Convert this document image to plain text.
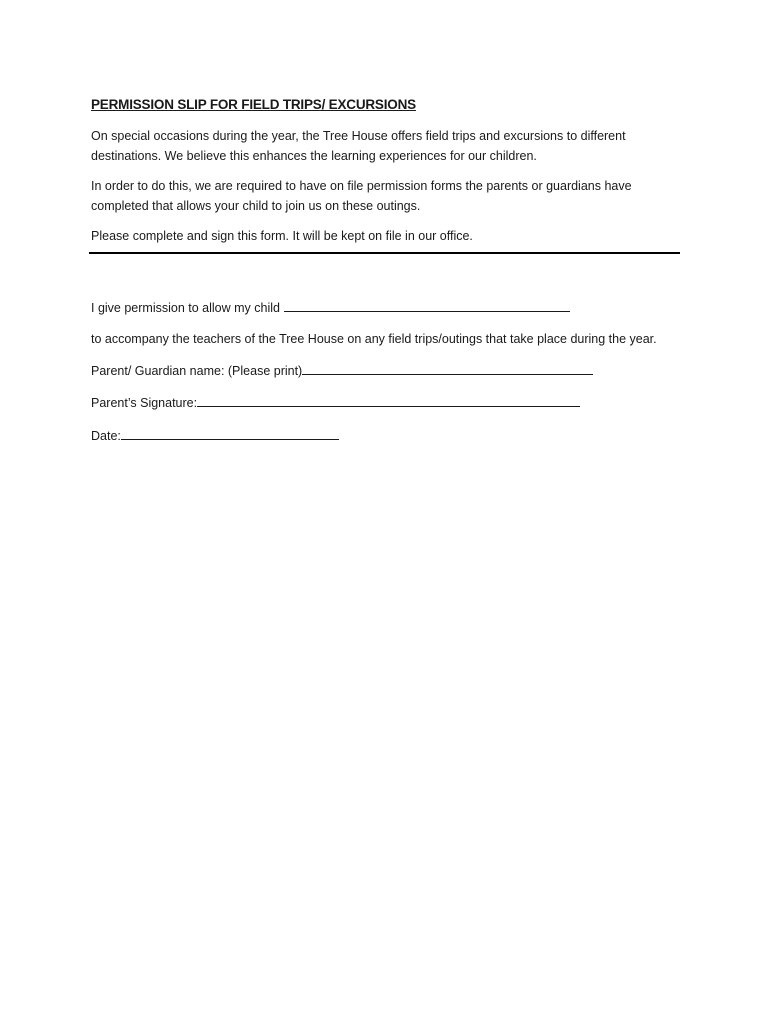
PERMISSION SLIP FOR FIELD TRIPS/ EXCURSIONS

On special occasions during the year, the Tree House offers field trips and excursions to different destinations. We believe this enhances the learning experiences for our children.

In order to do this, we are required to have on file permission forms the parents or guardians have completed that allows your child to join us on these outings.

Please complete and sign this form. It will be kept on file in our office.

I give permission to allow my child

to accompany the teachers of the Tree House on any field trips/outings that take place during the year.

Parent/ Guardian name: (Please print)
Parent’s Signature:
Date:
